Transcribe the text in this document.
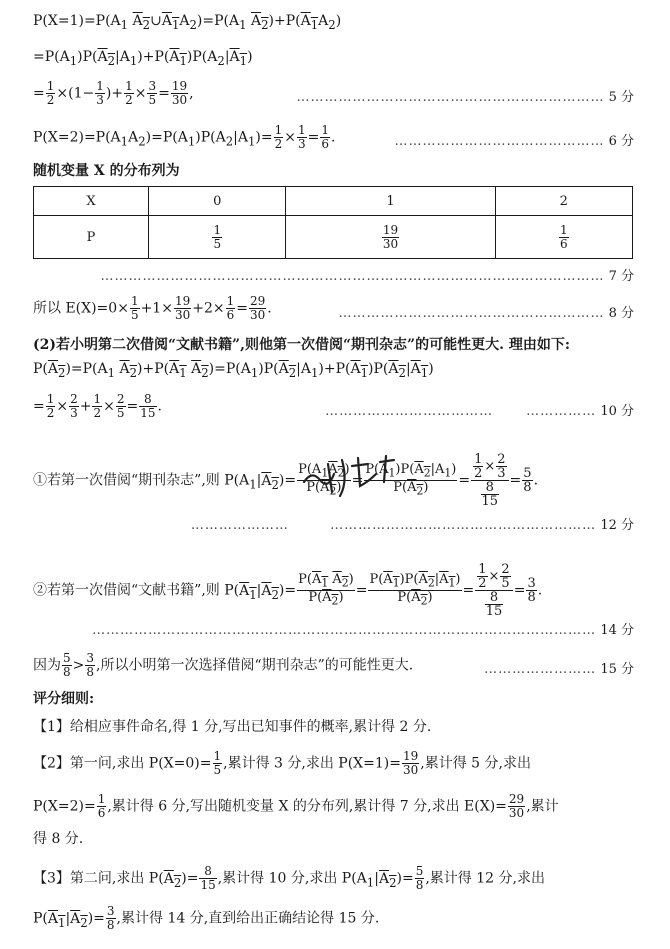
$P(X=1)=P(A_1$ $A_2\cup A_1A_2)=P(A_1$ $A_2)+P(A_1A_2)$
$=P(A_1)P(A_2|A_1)+P(A_1)P(A_2|A_1)$
= $\frac{1}{2} \times(1- \frac{1}{3}$ )+ $\frac{1}{2} \times \frac{3}{5} = \frac{19}{30}$ ,	………………………………………………………… 5 分
$P(X=2)=P(A_1A_2)=P(A_1)P(A_2|A_1)= \frac{1}{2} \times \frac{1}{3} = \frac{1}{6}$ .	……………………………………… 6 分
随机变量 X 的分布列为
X	0	1	2
P	$\frac{1}{5}$	$\frac{19}{30}$	$\frac{1}{6}$
……………………………………………………………………………………………… 7 分
所以 $E(X)=0\times \frac{1}{5} +1\times \frac{19}{30} +2\times \frac{1}{6} = \frac{29}{30}$ .	………………………………………………… 8 分
(2)若小明第二次借阅“文献书籍”,则他第一次借阅“期刊杂志”的可能性更大. 理由如下:
$P(A_2)=P(A_1$ $A_2)+P(A_1$ $A_2)=P(A_1)P(A_2|A_1)+P(A_1)P(A_2|A_1)$
= $\frac{1}{2} \times \frac{2}{3} + \frac{1}{2} \times \frac{2}{5} = \frac{8}{15}$ .	………………………………	…………… 10 分
①若第一次借阅“期刊杂志”,则 $P(A_1|A_2)= \frac{P(A_1A_2)}{P(A_2)} = \frac{P(A_1)P(A_2|A_1)}{P(A_2)} = \frac{\frac{1}{2} \times \frac{2}{3}}{\frac{8}{15}} = \frac{5}{8}$ .
…………………	………………………………………………… 12 分
②若第一次借阅“文献书籍”,则 $P(A_1|A_2)= \frac{P(A_1 A_2)}{P(A_2)} = \frac{P(A_1)P(A_2|A_1)}{P(A_2)} = \frac{\frac{1}{2} \times \frac{2}{5}}{\frac{8}{15}} = \frac{3}{8}$ .
……………………………………………………………………………………………… 14 分
因为 $\frac{5}{8} > \frac{3}{8}$ ,所以小明第一次选择借阅“期刊杂志”的可能性更大.	…………………… 15 分
评分细则:
【1】给相应事件命名,得 1 分,写出已知事件的概率,累计得 2 分.
【2】第一问,求出 $P(X=0)= \frac{1}{5}$ ,累计得 3 分,求出 $P(X=1)= \frac{19}{30}$ ,累计得 5 分,求出
$P(X=2)= \frac{1}{6}$ ,累计得 6 分,写出随机变量 X 的分布列,累计得 7 分,求出 $E(X)= \frac{29}{30}$ ,累计
得 8 分.
【3】第二问,求出 $P(A_2)= \frac{8}{15}$ ,累计得 10 分,求出 $P(A_1|A_2)= \frac{5}{8}$ ,累计得 12 分,求出
$P(A_1|A_2)= \frac{3}{8}$ ,累计得 14 分,直到给出正确结论得 15 分.
